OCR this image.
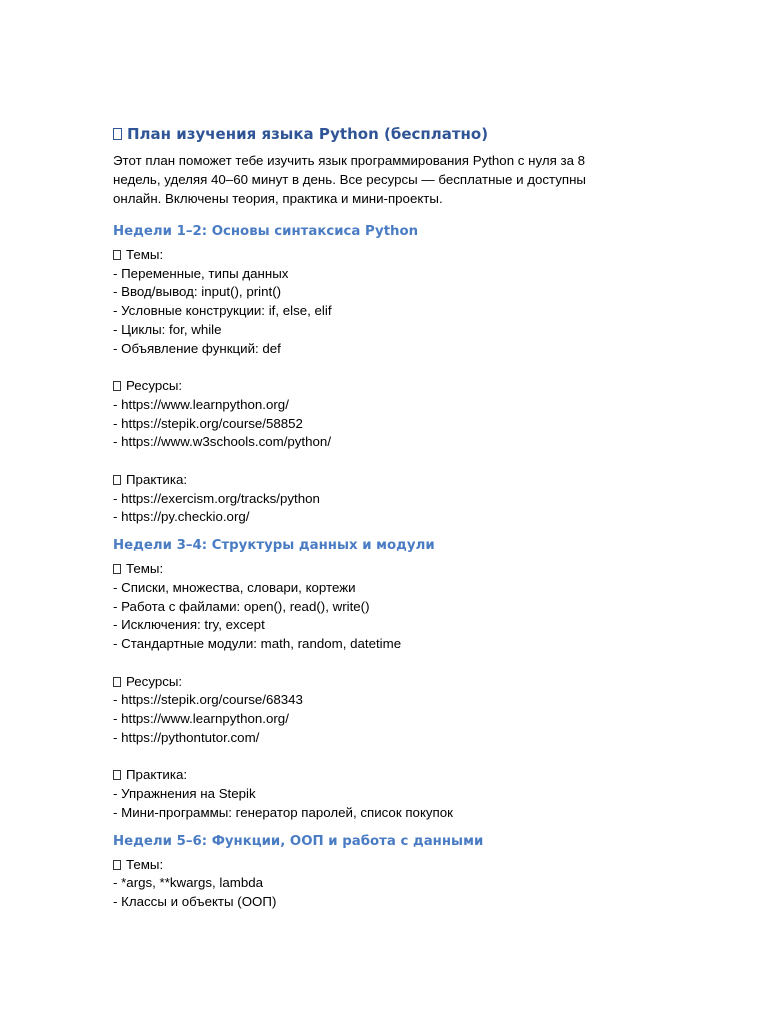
План изучения языка Python (бесплатно)

Этот план поможет тебе изучить язык программирования Python с нуля за 8 недель, уделяя 40–60 минут в день. Все ресурсы — бесплатные и доступны онлайн. Включены теория, практика и мини-проекты.

Недели 1–2: Основы синтаксиса Python
Темы:
- Переменные, типы данных
- Ввод/вывод: input(), print()
- Условные конструкции: if, else, elif
- Циклы: for, while
- Объявление функций: def
Ресурсы:
- https://www.learnpython.org/
- https://stepik.org/course/58852
- https://www.w3schools.com/python/
Практика:
- https://exercism.org/tracks/python
- https://py.checkio.org/
Недели 3–4: Структуры данных и модули
Темы:
- Списки, множества, словари, кортежи
- Работа с файлами: open(), read(), write()
- Исключения: try, except
- Стандартные модули: math, random, datetime
Ресурсы:
- https://stepik.org/course/68343
- https://www.learnpython.org/
- https://pythontutor.com/
Практика:
- Упражнения на Stepik
- Мини-программы: генератор паролей, список покупок
Недели 5–6: Функции, ООП и работа с данными
Темы:
- *args, **kwargs, lambda
- Классы и объекты (ООП)
